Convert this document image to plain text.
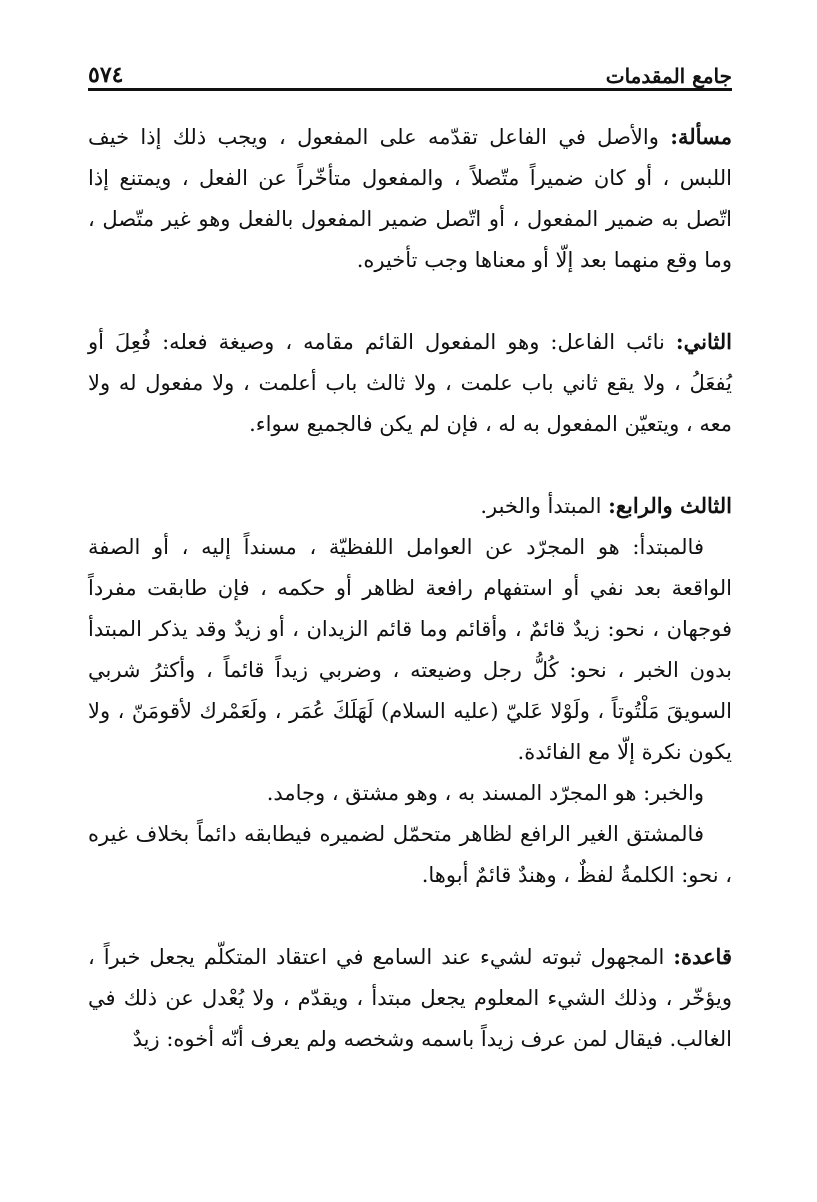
جامع المقدمات
٥٧٤

مسألة: والأصل في الفاعل تقدّمه على المفعول ، ويجب ذلك إذا خيف اللبس ، أو كان ضميراً متّصلاً ، والمفعول متأخّراً عن الفعل ، ويمتنع إذا اتّصل به ضمير المفعول ، أو اتّصل ضمير المفعول بالفعل وهو غير متّصل ، وما وقع منهما بعد إلّا أو معناها وجب تأخيره.

الثاني: نائب الفاعل: وهو المفعول القائم مقامه ، وصيغة فعله: فُعِلَ أو يُفعَلُ ، ولا يقع ثاني باب علمت ، ولا ثالث باب أعلمت ، ولا مفعول له ولا معه ، ويتعيّن المفعول به له ، فإن لم يكن فالجميع سواء.

الثالث والرابع: المبتدأ والخبر.

فالمبتدأ: هو المجرّد عن العوامل اللفظيّة ، مسنداً إليه ، أو الصفة الواقعة بعد نفي أو استفهام رافعة لظاهر أو حكمه ، فإن طابقت مفرداً فوجهان ، نحو: زيدٌ قائمٌ ، وأقائم وما قائم الزيدان ، أو زيدٌ وقد يذكر المبتدأ بدون الخبر ، نحو: كُلُّ رجل وضيعته ، وضربي زيداً قائماً ، وأكثرُ شربي السويقَ مَلْتُوتاً ، ولَوْلا عَليّ (عليه السلام) لَهَلَكَ عُمَر ، ولَعَمْرك لأقومَنّ ، ولا يكون نكرة إلّا مع الفائدة.

والخبر: هو المجرّد المسند به ، وهو مشتق ، وجامد.

فالمشتق الغير الرافع لظاهر متحمّل لضميره فيطابقه دائماً بخلاف غيره ، نحو: الكلمةُ لفظٌ ، وهندٌ قائمٌ أبوها.

قاعدة: المجهول ثبوته لشيء عند السامع في اعتقاد المتكلّم يجعل خبراً ، ويؤخّر ، وذلك الشيء المعلوم يجعل مبتدأ ، ويقدّم ، ولا يُعْدل عن ذلك في الغالب. فيقال لمن عرف زيداً باسمه وشخصه ولم يعرف أنّه أخوه: زيدٌ
